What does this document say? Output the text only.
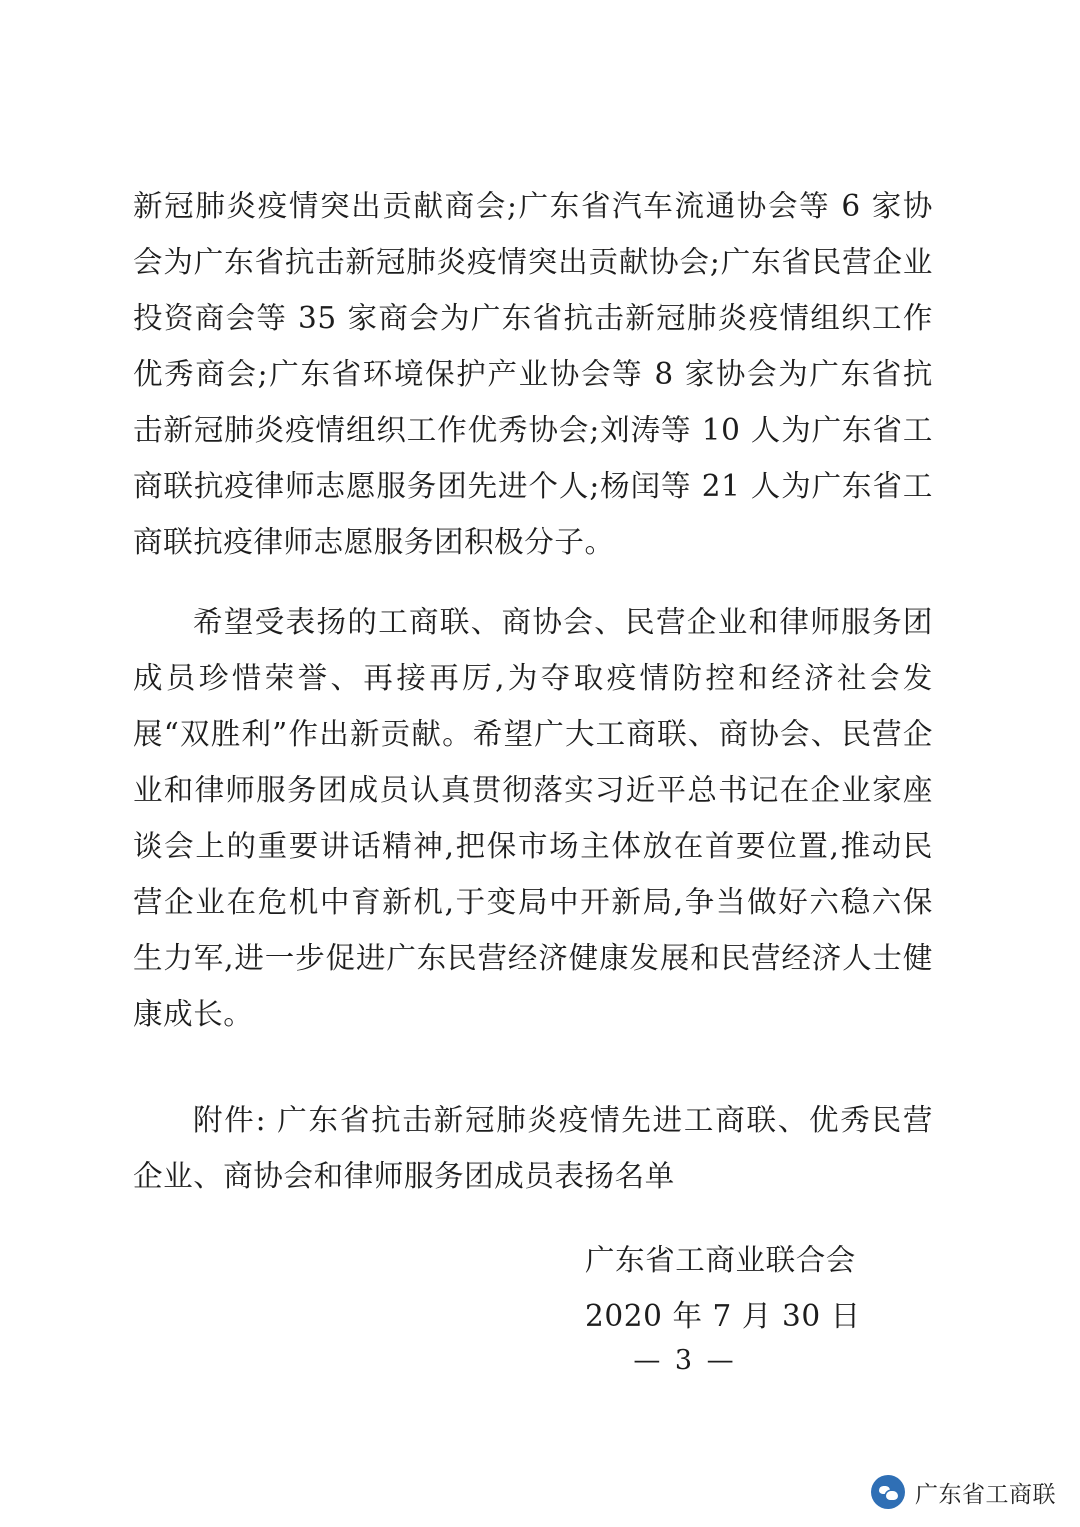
新冠肺炎疫情突出贡献商会;广东省汽车流通协会等 6 家协会为广东省抗击新冠肺炎疫情突出贡献协会;广东省民营企业投资商会等 35 家商会为广东省抗击新冠肺炎疫情组织工作优秀商会;广东省环境保护产业协会等 8 家协会为广东省抗击新冠肺炎疫情组织工作优秀协会;刘涛等 10 人为广东省工商联抗疫律师志愿服务团先进个人;杨闰等 21 人为广东省工商联抗疫律师志愿服务团积极分子。

希望受表扬的工商联、商协会、民营企业和律师服务团成员珍惜荣誉、再接再厉,为夺取疫情防控和经济社会发展“双胜利”作出新贡献。希望广大工商联、商协会、民营企业和律师服务团成员认真贯彻落实习近平总书记在企业家座谈会上的重要讲话精神,把保市场主体放在首要位置,推动民营企业在危机中育新机,于变局中开新局,争当做好六稳六保生力军,进一步促进广东民营经济健康发展和民营经济人士健康成长。

附件: 广东省抗击新冠肺炎疫情先进工商联、优秀民营企业、商协会和律师服务团成员表扬名单

广东省工商业联合会
2020 年 7 月 30 日
— 3 —
广东省工商联
